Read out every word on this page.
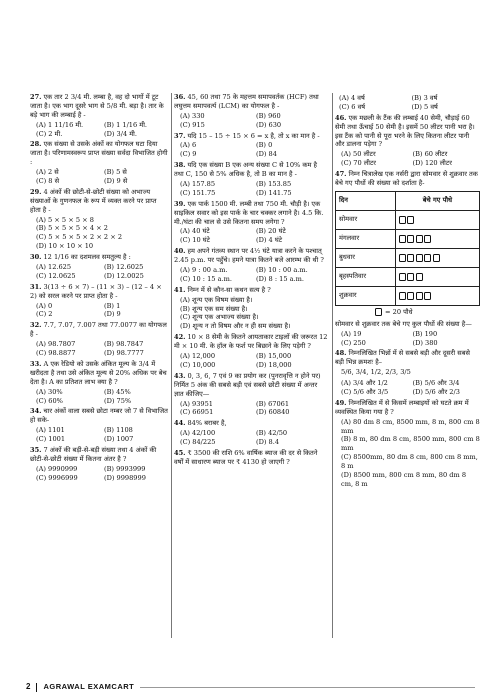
27. एक तार 2 3/4 मी. लम्बा है, वह दो भागों में टूट जाता है। एक भाग दूसरे भाग से 5/8 मी. बड़ा है। तार के बड़े भाग की लम्बाई है -
(A) 1 11/16 मी.	(B) 1 1/16 मी.
(C) 2 मी.	(D) 3/4 मी.
28. एक संख्या से उसके अंकों का योगफल घटा दिया जाता है। परिणामस्वरूप प्राप्त संख्या सर्वदा विभाजित होगी :
(A) 2 से	(B) 5 से
(C) 8 से	(D) 9 से
29. 4 अंकों की छोटी-से-छोटी संख्या को अभाज्य संख्याओं के गुणनफल के रूप में व्यक्त करने पर प्राप्त होता है -
(A) 5 × 5 × 5 × 8
(B) 5 × 5 × 5 × 4 × 2
(C) 5 × 5 × 5 × 2 × 2 × 2
(D) 10 × 10 × 10
30. 12 1/16 का दशमलव समतुल्य है :
(A) 12.625	(B) 12.6025
(C) 12.0625	(D) 12.0025
31. 3(13 ÷ 6 × 7) – (11 × 3) – (12 – 4 × 2) को सरल करने पर प्राप्त होता है -
(A) 0	(B) 1
(C) 2	(D) 9
32. 7.7, 7.07, 7.007 तथा 77.0077 का योगफल है -
(A) 98.7807	(B) 98.7847
(C) 98.8877	(D) 98.7777
33. A एक रेडियो को उसके अंकित मूल्य के 3/4 में खरीदता है तथा उसे अंकित मूल्य से 20% अधिक पर बेच देता है। A का प्रतिशत लाभ क्या है ?
(A) 30%	(B) 45%
(C) 60%	(D) 75%
34. चार अंकों वाला सबसे छोटा नम्बर जो 7 से विभाजित हो सके-
(A) 1101	(B) 1108
(C) 1001	(D) 1007
35. 7 अंकों की बड़ी-से-बड़ी संख्या तथा 4 अंकों की छोटी-से-छोटी संख्या में कितना अंतर है ?
(A) 9990999	(B) 9993999
(C) 9996999	(D) 9998999
36. 45, 60 तथा 75 के महत्तम समापवर्तक (HCF) तथा लघुत्तम समापवर्त्य (LCM) का योगफल है -
(A) 330	(B) 960
(C) 915	(D) 630
37. यदि 15 – 15 ÷ 15 × 6 = x है, तो x का मान है -
(A) 6	(B) 0
(C) 9	(D) 84
38. यदि एक संख्या B एक अन्य संख्या C से 10% कम है तथा C, 150 से 5% अधिक है, तो B का मान है -
(A) 157.85	(B) 153.85
(C) 151.75	(D) 141.75
39. एक पार्क 1500 मी. लम्बी तथा 750 मी. चौड़ी है। एक साइकिल सवार को इस पार्क के चार चक्कर लगाने है। 4.5 कि. मी./घंटा की चाल से उसे कितना समय लगेगा ?
(A) 40 घंटे	(B) 20 घंटे
(C) 10 घंटे	(D) 4 घंटे
40. हम अपने गंतव्य स्थान पर 4½ घंटे यात्रा करने के पश्चात् 2.45 p.m. पर पहुँचे। हमने यात्रा कितने बजे आरम्भ की थी ?
(A) 9 : 00 a.m.	(B) 10 : 00 a.m.
(C) 10 : 15 a.m.	(D) 8 : 15 a.m.
41. निम्न में से कौन-सा कथन सत्य है ?
(A) शून्य एक विषम संख्या है।
(B) शून्य एक सम संख्या है।
(C) शून्य एक अभाज्य संख्या है।
(D) शून्य न तो विषम और न ही सम संख्या है।
42. 10 × 8 सेमी के कितने आयताकार टाइलों की जरूरत 12 मी × 10 मी. के हॉल के फर्श पर बिछाने के लिए पड़ेगी ?
(A) 12,000	(B) 15,000
(C) 10,000	(D) 18,000
43. 0, 3, 6, 7 एवं 9 का प्रयोग कर (पुनरावृत्ति न होने पर) निर्मित 5 अंक की सबसे बड़ी एवं सबसे छोटी संख्या में अन्तर ज्ञात कीजिए—
(A) 93951	(B) 67061
(C) 66951	(D) 60840
44. 84% बराबर है,
(A) 42/100	(B) 42/50
(C) 84/225	(D) 8.4
45. ₹ 3500 की राशि 6% वार्षिक ब्याज की दर से कितने वर्षों में साधारण ब्याज पर ₹ 4130 हो जाएगी ?
(A) 4 वर्ष	(B) 3 वर्ष
(C) 6 वर्ष	(D) 5 वर्ष
46. एक मछली के टैंक की लम्बाई 40 सेमी, चौड़ाई 60 सेमी तथा ऊँचाई 50 सेमी है। इसमें 50 लीटर पानी भरा है। इस टैंक को पानी से पूरा भरने के लिए कितना लीटर पानी और डालना पड़ेगा ?
(A) 50 लीटर	(B) 60 लीटर
(C) 70 लीटर	(D) 120 लीटर
47. निम्न चित्रालेख एक नर्सरी द्वारा सोमवार से शुक्रवार तक बेचे गए पौधों की संख्या को दर्शाता है-
दिन	बेचे गए पौधे
सोमवार	

मंगलवार	

बुधवार	

बृहस्पतिवार	

शुक्रवार	
= 20 पौधे
सोमवार से शुक्रवार तक बेचे गए कुल पौधों की संख्या है—
(A) 19	(B) 190
(C) 250	(D) 380
48. निम्नलिखित भिन्नों में से सबसे बड़ी और दूसरी सबसे बड़ी भिन्न क्रमशः है–
5/6, 3/4, 1/2, 2/3, 3/5
(A) 3/4 और 1/2	(B) 5/6 और 3/4
(C) 5/6 और 3/5	(D) 5/6 और 2/3
49. निम्नलिखित में से किसमें लम्बाइयों को घटते क्रम में व्यवस्थित किया गया है ?
(A) 80 dm 8 cm, 8500 mm, 8 m, 800 cm 8 mm
(B) 8 m, 80 dm 8 cm, 8500 mm, 800 cm 8 mm
(C) 8500mm, 80 dm 8 cm, 800 cm 8 mm, 8 m
(D) 8500 mm, 800 cm 8 mm, 80 dm 8 cm, 8 m
2 AGRAWAL EXAMCART
